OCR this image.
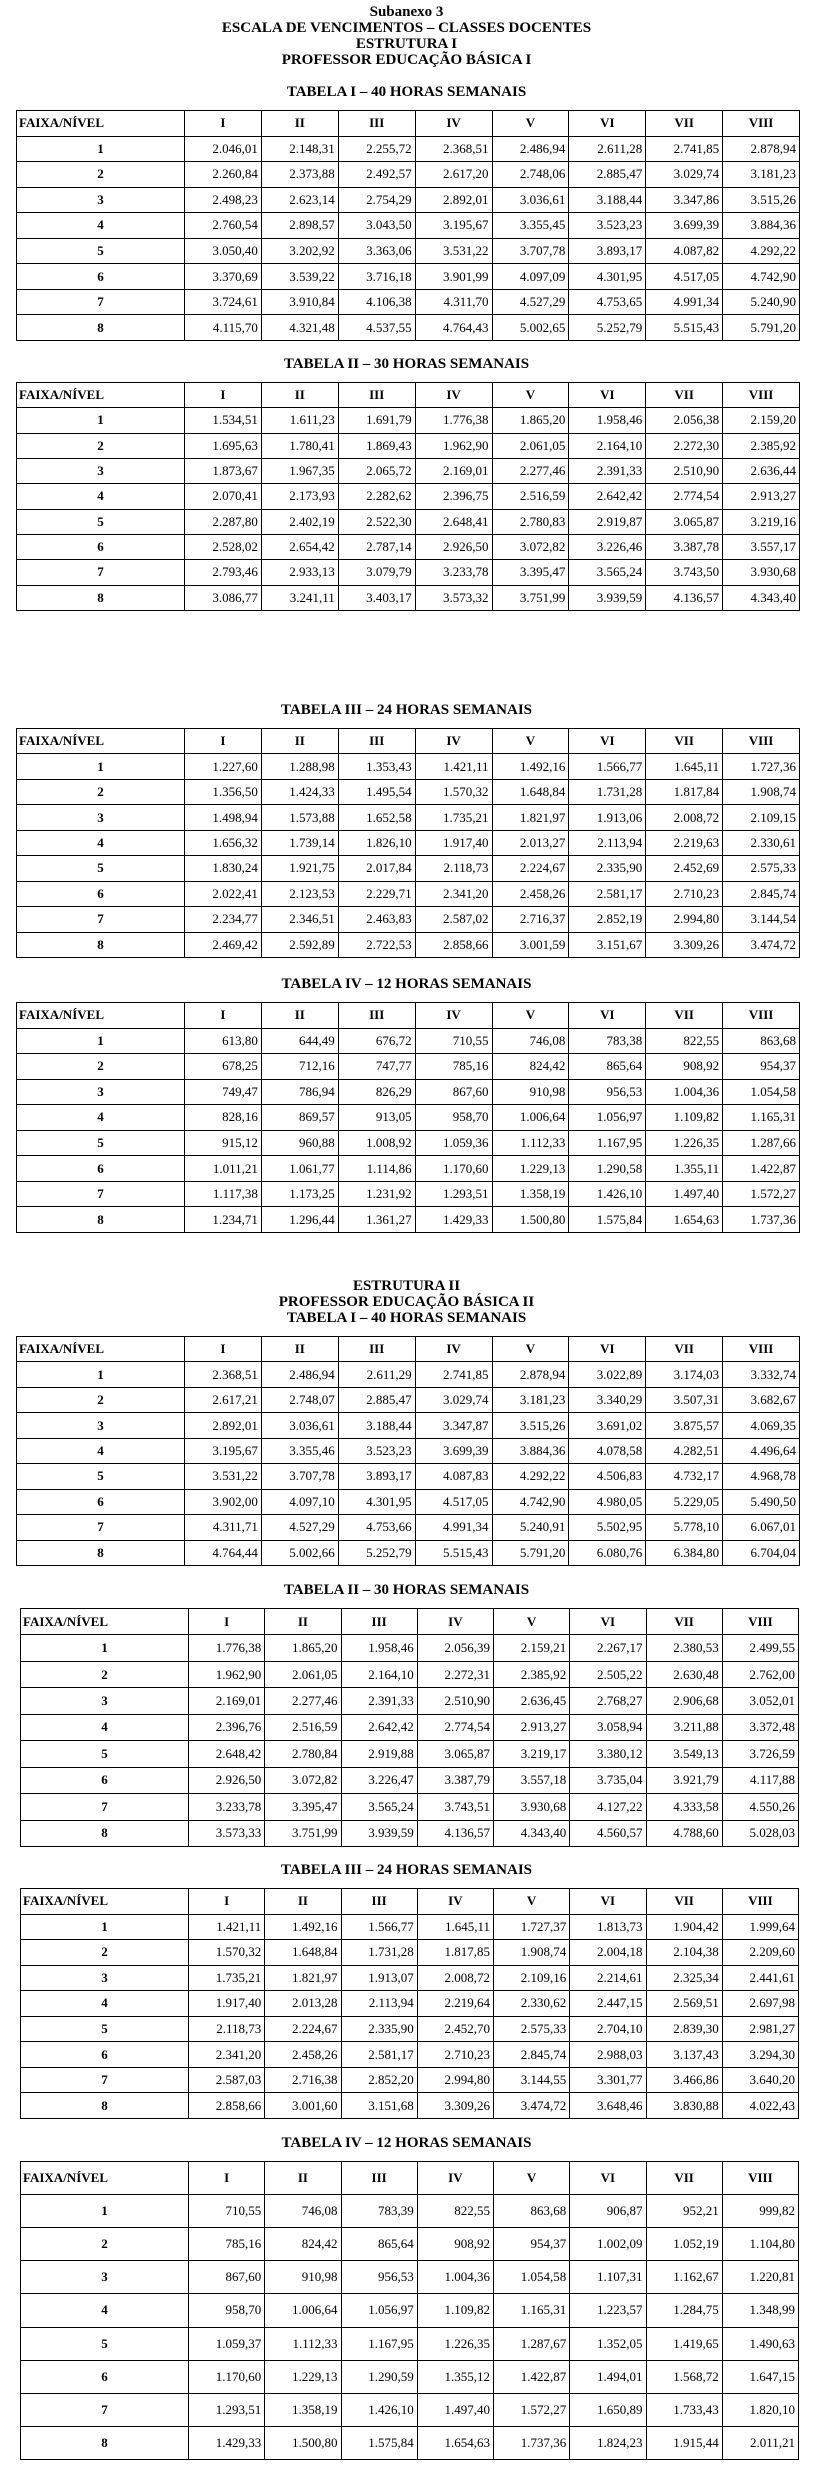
Subanexo 3
ESCALA DE VENCIMENTOS – CLASSES DOCENTES
ESTRUTURA I
PROFESSOR EDUCAÇÃO BÁSICA I
TABELA I – 40 HORAS SEMANAIS
TABELA II – 30 HORAS SEMANAIS
TABELA III – 24 HORAS SEMANAIS
TABELA IV – 12 HORAS SEMANAIS
ESTRUTURA II
PROFESSOR EDUCAÇÃO BÁSICA II
TABELA I – 40 HORAS SEMANAIS
TABELA II – 30 HORAS SEMANAIS
TABELA III – 24 HORAS SEMANAIS
TABELA IV – 12 HORAS SEMANAIS
FAIXA/NÍVEL	I	II	III	IV	V	VI	VII	VIII
1	2.046,01	2.148,31	2.255,72	2.368,51	2.486,94	2.611,28	2.741,85	2.878,94
2	2.260,84	2.373,88	2.492,57	2.617,20	2.748,06	2.885,47	3.029,74	3.181,23
3	2.498,23	2.623,14	2.754,29	2.892,01	3.036,61	3.188,44	3.347,86	3.515,26
4	2.760,54	2.898,57	3.043,50	3.195,67	3.355,45	3.523,23	3.699,39	3.884,36
5	3.050,40	3.202,92	3.363,06	3.531,22	3.707,78	3.893,17	4.087,82	4.292,22
6	3.370,69	3.539,22	3.716,18	3.901,99	4.097,09	4.301,95	4.517,05	4.742,90
7	3.724,61	3.910,84	4.106,38	4.311,70	4.527,29	4.753,65	4.991,34	5.240,90
8	4.115,70	4.321,48	4.537,55	4.764,43	5.002,65	5.252,79	5.515,43	5.791,20
FAIXA/NÍVEL	I	II	III	IV	V	VI	VII	VIII
1	1.534,51	1.611,23	1.691,79	1.776,38	1.865,20	1.958,46	2.056,38	2.159,20
2	1.695,63	1.780,41	1.869,43	1.962,90	2.061,05	2.164,10	2.272,30	2.385,92
3	1.873,67	1.967,35	2.065,72	2.169,01	2.277,46	2.391,33	2.510,90	2.636,44
4	2.070,41	2.173,93	2.282,62	2.396,75	2.516,59	2.642,42	2.774,54	2.913,27
5	2.287,80	2.402,19	2.522,30	2.648,41	2.780,83	2.919,87	3.065,87	3.219,16
6	2.528,02	2.654,42	2.787,14	2.926,50	3.072,82	3.226,46	3.387,78	3.557,17
7	2.793,46	2.933,13	3.079,79	3.233,78	3.395,47	3.565,24	3.743,50	3.930,68
8	3.086,77	3.241,11	3.403,17	3.573,32	3.751,99	3.939,59	4.136,57	4.343,40
FAIXA/NÍVEL	I	II	III	IV	V	VI	VII	VIII
1	1.227,60	1.288,98	1.353,43	1.421,11	1.492,16	1.566,77	1.645,11	1.727,36
2	1.356,50	1.424,33	1.495,54	1.570,32	1.648,84	1.731,28	1.817,84	1.908,74
3	1.498,94	1.573,88	1.652,58	1.735,21	1.821,97	1.913,06	2.008,72	2.109,15
4	1.656,32	1.739,14	1.826,10	1.917,40	2.013,27	2.113,94	2.219,63	2.330,61
5	1.830,24	1.921,75	2.017,84	2.118,73	2.224,67	2.335,90	2.452,69	2.575,33
6	2.022,41	2.123,53	2.229,71	2.341,20	2.458,26	2.581,17	2.710,23	2.845,74
7	2.234,77	2.346,51	2.463,83	2.587,02	2.716,37	2.852,19	2.994,80	3.144,54
8	2.469,42	2.592,89	2.722,53	2.858,66	3.001,59	3.151,67	3.309,26	3.474,72
FAIXA/NÍVEL	I	II	III	IV	V	VI	VII	VIII
1	613,80	644,49	676,72	710,55	746,08	783,38	822,55	863,68
2	678,25	712,16	747,77	785,16	824,42	865,64	908,92	954,37
3	749,47	786,94	826,29	867,60	910,98	956,53	1.004,36	1.054,58
4	828,16	869,57	913,05	958,70	1.006,64	1.056,97	1.109,82	1.165,31
5	915,12	960,88	1.008,92	1.059,36	1.112,33	1.167,95	1.226,35	1.287,66
6	1.011,21	1.061,77	1.114,86	1.170,60	1.229,13	1.290,58	1.355,11	1.422,87
7	1.117,38	1.173,25	1.231,92	1.293,51	1.358,19	1.426,10	1.497,40	1.572,27
8	1.234,71	1.296,44	1.361,27	1.429,33	1.500,80	1.575,84	1.654,63	1.737,36
FAIXA/NÍVEL	I	II	III	IV	V	VI	VII	VIII
1	2.368,51	2.486,94	2.611,29	2.741,85	2.878,94	3.022,89	3.174,03	3.332,74
2	2.617,21	2.748,07	2.885,47	3.029,74	3.181,23	3.340,29	3.507,31	3.682,67
3	2.892,01	3.036,61	3.188,44	3.347,87	3.515,26	3.691,02	3.875,57	4.069,35
4	3.195,67	3.355,46	3.523,23	3.699,39	3.884,36	4.078,58	4.282,51	4.496,64
5	3.531,22	3.707,78	3.893,17	4.087,83	4.292,22	4.506,83	4.732,17	4.968,78
6	3.902,00	4.097,10	4.301,95	4.517,05	4.742,90	4.980,05	5.229,05	5.490,50
7	4.311,71	4.527,29	4.753,66	4.991,34	5.240,91	5.502,95	5.778,10	6.067,01
8	4.764,44	5.002,66	5.252,79	5.515,43	5.791,20	6.080,76	6.384,80	6.704,04
FAIXA/NÍVEL	I	II	III	IV	V	VI	VII	VIII
1	1.776,38	1.865,20	1.958,46	2.056,39	2.159,21	2.267,17	2.380,53	2.499,55
2	1.962,90	2.061,05	2.164,10	2.272,31	2.385,92	2.505,22	2.630,48	2.762,00
3	2.169,01	2.277,46	2.391,33	2.510,90	2.636,45	2.768,27	2.906,68	3.052,01
4	2.396,76	2.516,59	2.642,42	2.774,54	2.913,27	3.058,94	3.211,88	3.372,48
5	2.648,42	2.780,84	2.919,88	3.065,87	3.219,17	3.380,12	3.549,13	3.726,59
6	2.926,50	3.072,82	3.226,47	3.387,79	3.557,18	3.735,04	3.921,79	4.117,88
7	3.233,78	3.395,47	3.565,24	3.743,51	3.930,68	4.127,22	4.333,58	4.550,26
8	3.573,33	3.751,99	3.939,59	4.136,57	4.343,40	4.560,57	4.788,60	5.028,03
FAIXA/NÍVEL	I	II	III	IV	V	VI	VII	VIII
1	1.421,11	1.492,16	1.566,77	1.645,11	1.727,37	1.813,73	1.904,42	1.999,64
2	1.570,32	1.648,84	1.731,28	1.817,85	1.908,74	2.004,18	2.104,38	2.209,60
3	1.735,21	1.821,97	1.913,07	2.008,72	2.109,16	2.214,61	2.325,34	2.441,61
4	1.917,40	2.013,28	2.113,94	2.219,64	2.330,62	2.447,15	2.569,51	2.697,98
5	2.118,73	2.224,67	2.335,90	2.452,70	2.575,33	2.704,10	2.839,30	2.981,27
6	2.341,20	2.458,26	2.581,17	2.710,23	2.845,74	2.988,03	3.137,43	3.294,30
7	2.587,03	2.716,38	2.852,20	2.994,80	3.144,55	3.301,77	3.466,86	3.640,20
8	2.858,66	3.001,60	3.151,68	3.309,26	3.474,72	3.648,46	3.830,88	4.022,43
FAIXA/NÍVEL	I	II	III	IV	V	VI	VII	VIII
1	710,55	746,08	783,39	822,55	863,68	906,87	952,21	999,82
2	785,16	824,42	865,64	908,92	954,37	1.002,09	1.052,19	1.104,80
3	867,60	910,98	956,53	1.004,36	1.054,58	1.107,31	1.162,67	1.220,81
4	958,70	1.006,64	1.056,97	1.109,82	1.165,31	1.223,57	1.284,75	1.348,99
5	1.059,37	1.112,33	1.167,95	1.226,35	1.287,67	1.352,05	1.419,65	1.490,63
6	1.170,60	1.229,13	1.290,59	1.355,12	1.422,87	1.494,01	1.568,72	1.647,15
7	1.293,51	1.358,19	1.426,10	1.497,40	1.572,27	1.650,89	1.733,43	1.820,10
8	1.429,33	1.500,80	1.575,84	1.654,63	1.737,36	1.824,23	1.915,44	2.011,21
